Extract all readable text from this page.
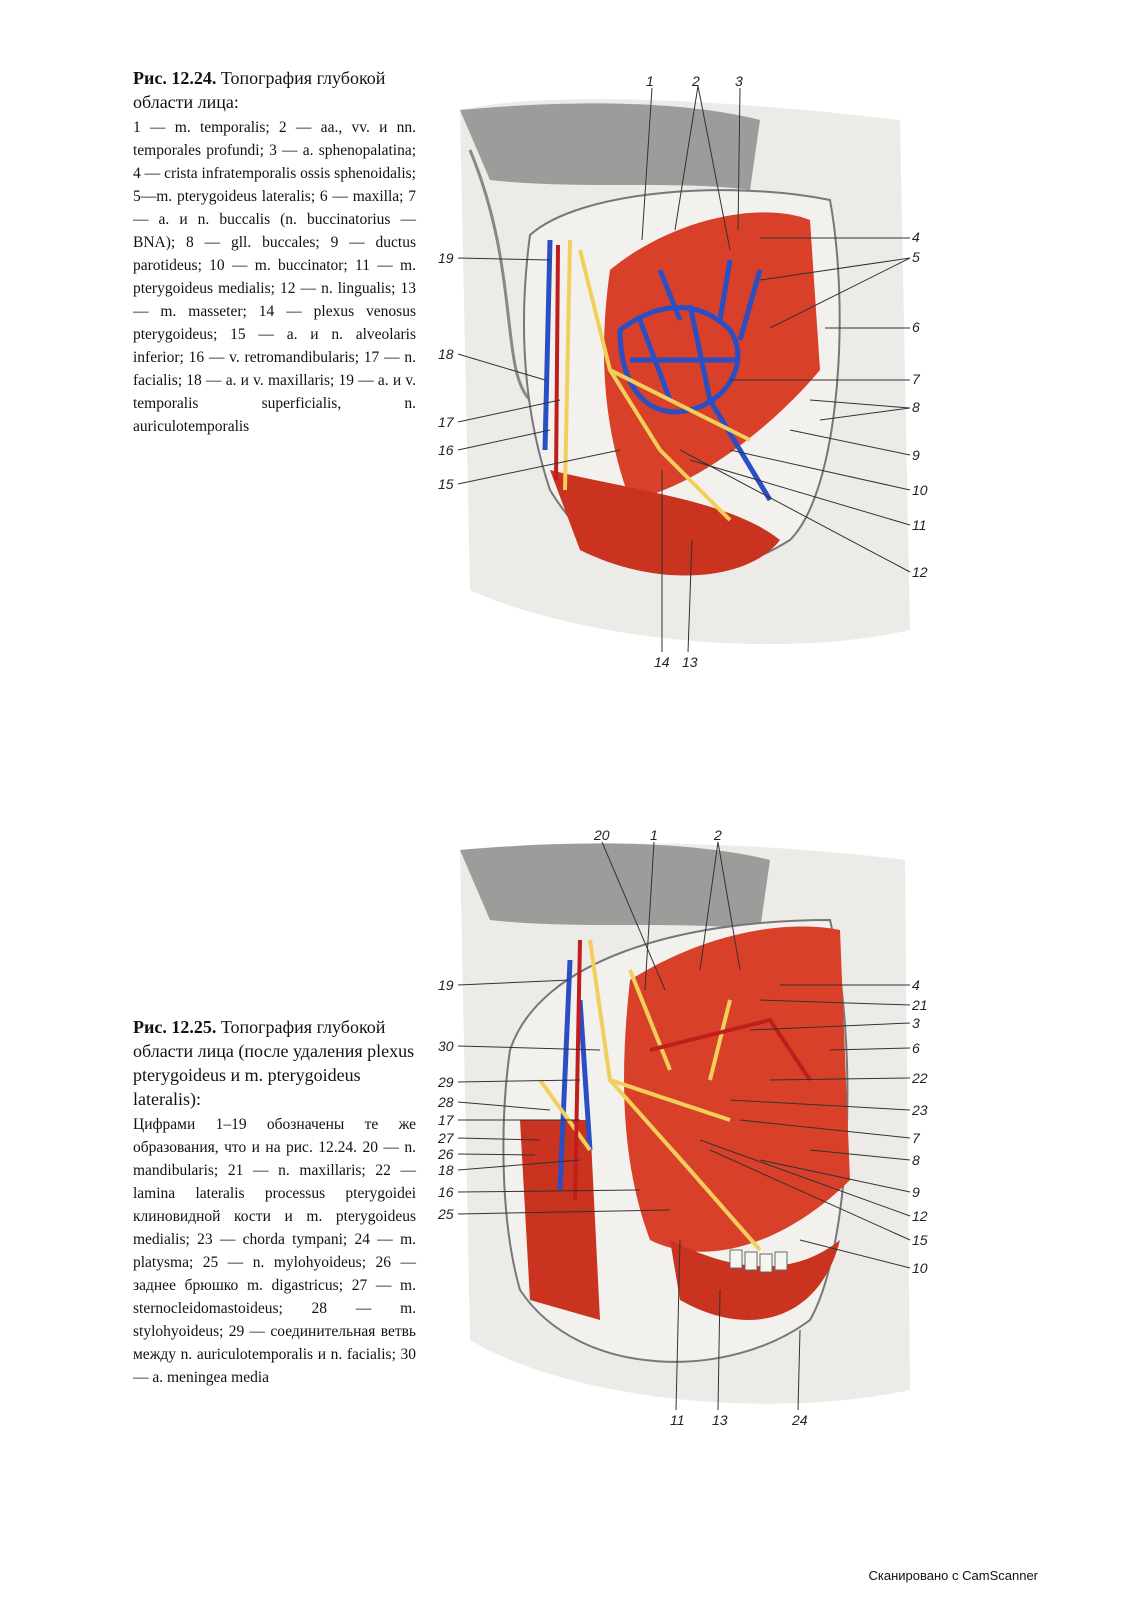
Рис. 12.24. Топография глубокой области лица:
1 — m. temporalis; 2 — aa., vv. и nn. temporales profundi; 3 — a. sphenopalatina; 4 — crista infratemporalis ossis sphenoidalis; 5—m. pterygoideus lateralis; 6 — maxilla; 7 — a. и n. buccalis (n. buccinatorius — BNA); 8 — gll. buccales; 9 — ductus parotideus; 10 — m. buccinator; 11 — m. pterygoideus medialis; 12 — n. lingualis; 13 — m. masseter; 14 — plexus venosus pterygoideus; 15 — a. и n. alveolaris inferior; 16 — v. retromandibularis; 17 — n. facialis; 18 — a. и v. maxillaris; 19 — a. и v. temporalis superficialis, n. auriculotemporalis
1	2	3
4
5
6
7
8
9
10
11
12
14 13
19
18
17
16
15
Рис. 12.25. Топография глубокой области лица (после удаления plexus pterygoideus и m. pterygoideus lateralis):
Цифрами 1–19 обозначены те же образования, что и на рис. 12.24. 20 — n. mandibularis; 21 — n. maxillaris; 22 — lamina lateralis processus pterygoidei клиновидной кости и m. pterygoideus medialis; 23 — chorda tympani; 24 — m. platysma; 25 — n. mylohyoideus; 26 — заднее брюшко m. digastricus; 27 — m. sternocleidomastoideus; 28 — m. stylohyoideus; 29 — соединительная ветвь между n. auriculotemporalis и n. facialis; 30 — a. meningea media
20	1	2
4
21
3
6
22
23
7
8
9
12
15
10
19
30
29
28
17
27
26
18
16
25
11 13	24
Сканировано с CamScanner
